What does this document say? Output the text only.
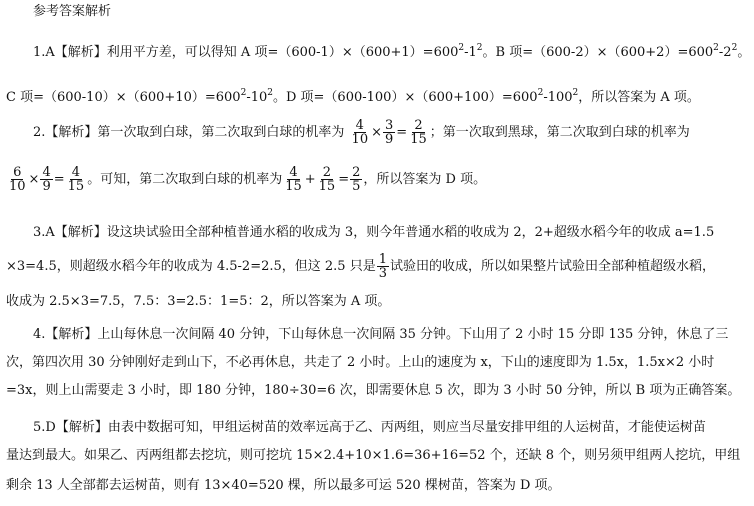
参考答案解析
1.A【解析】利用平方差，可以得知 A 项$=(600-1)\times(600+1)=600^2-1^2$。B 项$=(600-2)\times(600+2)=600^2-2^2$。
C 项$=(600-10)\times(600+10)=600^2-10^2$。D 项$=(600-100)\times(600+100)=600^2-100^2$，所以答案为 A 项。
2.【解析】第一次取到白球，第二次取到白球的机率为 $\frac{4}{10} \times \frac{3}{9} = \frac{2}{15}$ ；第一次取到黑球，第二次取到白球的机率为
$\frac{6}{10} \times \frac{4}{9} = \frac{4}{15}$ 。可知，第二次取到白球的机率为 $\frac{4}{15} + \frac{2}{15} = \frac{2}{5}$ ，所以答案为 D 项。
3.A【解析】设这块试验田全部种植普通水稻的收成为 3，则今年普通水稻的收成为 2，2+超级水稻今年的收成 a=1.5
×3=4.5，则超级水稻今年的收成为 4.5-2=2.5，但这 2.5 只是 $\frac{1}{3}$ 试验田的收成，所以如果整片试验田全部种植超级水稻，
收成为 2.5×3=7.5，7.5：3=2.5：1=5：2，所以答案为 A 项。
4.【解析】上山每休息一次间隔 40 分钟，下山每休息一次间隔 35 分钟。下山用了 2 小时 15 分即 135 分钟，休息了三
次，第四次用 30 分钟刚好走到山下，不必再休息，共走了 2 小时。上山的速度为 x，下山的速度即为 1.5x，1.5x×2 小时
=3x，则上山需要走 3 小时，即 180 分钟，180÷30=6 次，即需要休息 5 次，即为 3 小时 50 分钟，所以 B 项为正确答案。
5.D【解析】由表中数据可知，甲组运树苗的效率远高于乙、丙两组，则应当尽量安排甲组的人运树苗，才能使运树苗
量达到最大。如果乙、丙两组都去挖坑，则可挖坑 15×2.4+10×1.6=36+16=52 个，还缺 8 个，则另须甲组两人挖坑，甲组
剩余 13 人全部都去运树苗，则有 13×40=520 棵，所以最多可运 520 棵树苗，答案为 D 项。
